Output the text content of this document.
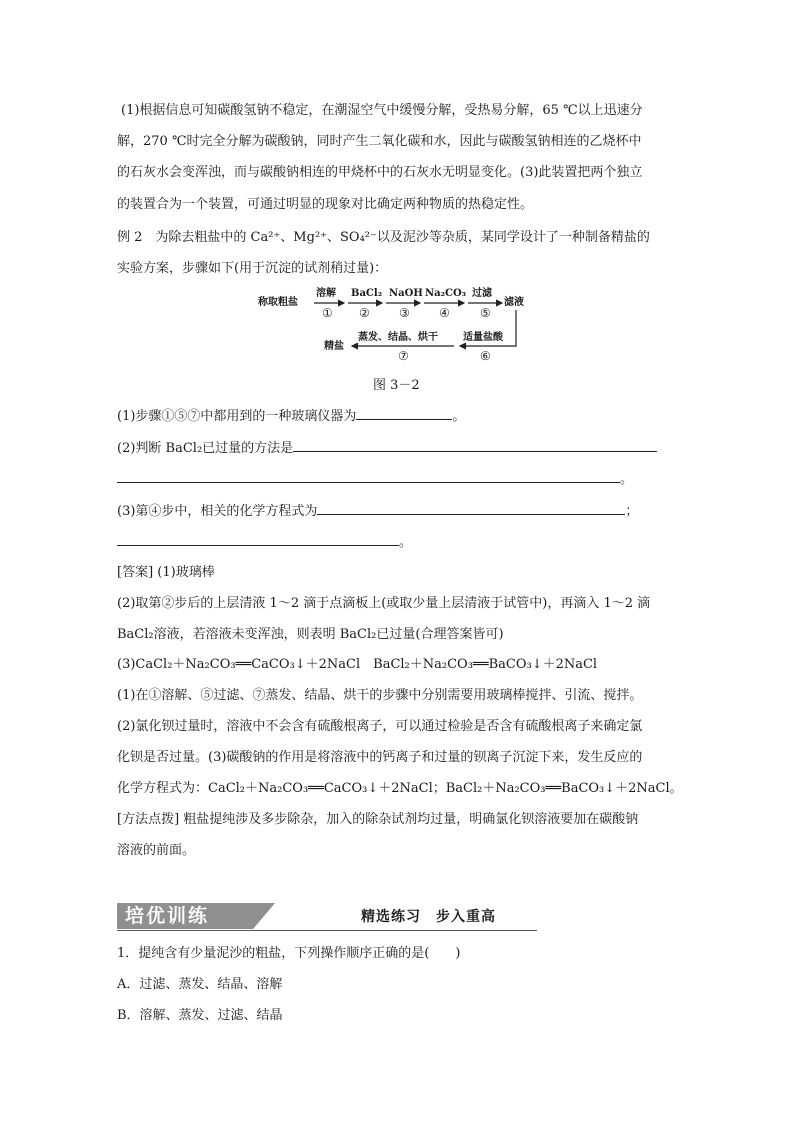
(1)根据信息可知碳酸氢钠不稳定，在潮湿空气中缓慢分解，受热易分解，65 ℃以上迅速分
解，270 ℃时完全分解为碳酸钠，同时产生二氧化碳和水，因此与碳酸氢钠相连的乙烧杯中
的石灰水会变浑浊，而与碳酸钠相连的甲烧杯中的石灰水无明显变化。(3)此装置把两个独立
的装置合为一个装置，可通过明显的现象对比确定两种物质的热稳定性。
例 2　为除去粗盐中的 Ca²⁺、Mg²⁺、SO₄²⁻以及泥沙等杂质，某同学设计了一种制备精盐的
实验方案，步骤如下(用于沉淀的试剂稍过量)：
称取粗盐
溶解
①
BaCl₂
②
NaOH
③
Na₂CO₃
④
过滤
⑤
滤液
适量盐酸
⑥
蒸发、结晶、烘干
⑦
精盐
图 3－2
(1)步骤①⑤⑦中都用到的一种玻璃仪器为	。
(2)判断 BaCl₂已过量的方法是
。
(3)第④步中，相关的化学方程式为	；
。
[答案] (1)玻璃棒
(2)取第②步后的上层清液 1～2 滴于点滴板上(或取少量上层清液于试管中)，再滴入 1～2 滴
BaCl₂溶液，若溶液未变浑浊，则表明 BaCl₂已过量(合理答案皆可)
(3)CaCl₂＋Na₂CO₃══CaCO₃↓＋2NaCl　BaCl₂＋Na₂CO₃══BaCO₃↓＋2NaCl
(1)在①溶解、⑤过滤、⑦蒸发、结晶、烘干的步骤中分别需要用玻璃棒搅拌、引流、搅拌。
(2)氯化钡过量时，溶液中不会含有硫酸根离子，可以通过检验是否含有硫酸根离子来确定氯
化钡是否过量。(3)碳酸钠的作用是将溶液中的钙离子和过量的钡离子沉淀下来，发生反应的
化学方程式为：CaCl₂＋Na₂CO₃══CaCO₃↓＋2NaCl；BaCl₂＋Na₂CO₃══BaCO₃↓＋2NaCl。
[方法点拨] 粗盐提纯涉及多步除杂，加入的除杂试剂均过量，明确氯化钡溶液要加在碳酸钠
溶液的前面。
培优训练	精选练习　步入重高
1．提纯含有少量泥沙的粗盐，下列操作顺序正确的是(　　)
A．过滤、蒸发、结晶、溶解
B．溶解、蒸发、过滤、结晶
